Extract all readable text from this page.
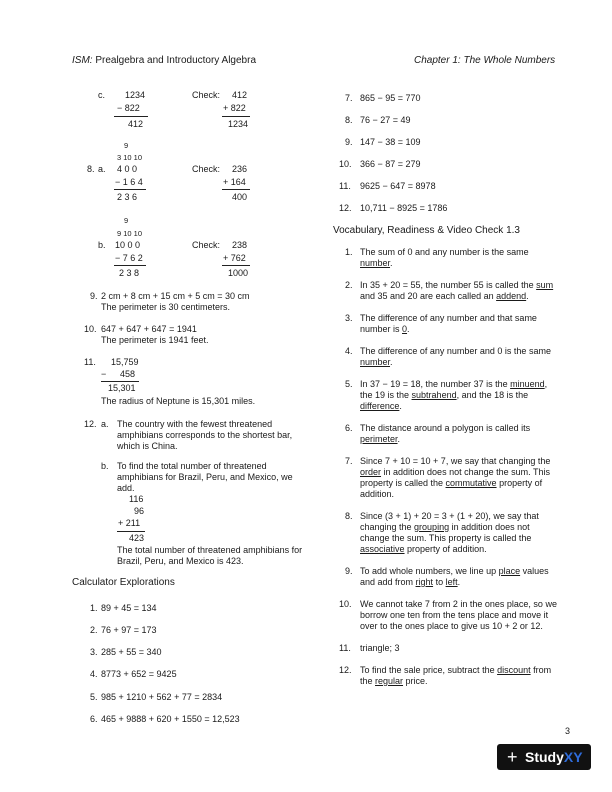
ISM: Prealgebra and Introductory Algebra	Chapter 1: The Whole Numbers
c. 1234
− 822
412
Check: 412
+ 822
1234
9
3 10 10
8. a. 4 0 0
− 1 6 4
2 3 6
Check: 236
+ 164
400
9
9 10 10
b. 10 0 0
− 7 6 2
2 3 8
Check: 238
+ 762
1000
9. 2 cm + 8 cm + 15 cm + 5 cm = 30 cm
The perimeter is 30 centimeters.
10. 647 + 647 + 647 = 1941
The perimeter is 1941 feet.
11. 15,759
− 458
15,301
The radius of Neptune is 15,301 miles.
12. a. The country with the fewest threatened amphibians corresponds to the shortest bar, which is China.
b. To find the total number of threatened amphibians for Brazil, Peru, and Mexico, we add.
116
96
+ 211
423
The total number of threatened amphibians for Brazil, Peru, and Mexico is 423.
Calculator Explorations
1. 89 + 45 = 134
2. 76 + 97 = 173
3. 285 + 55 = 340
4. 8773 + 652 = 9425
5. 985 + 1210 + 562 + 77 = 2834
6. 465 + 9888 + 620 + 1550 = 12,523
7. 865 − 95 = 770
8. 76 − 27 = 49
9. 147 − 38 = 109
10. 366 − 87 = 279
11. 9625 − 647 = 8978
12. 10,711 − 8925 = 1786
Vocabulary, Readiness & Video Check 1.3
1. The sum of 0 and any number is the same
number.
2. In 35 + 20 = 55, the number 55 is called the sum
and 35 and 20 are each called an addend.
3. The difference of any number and that same
number is 0.
4. The difference of any number and 0 is the same
number.
5. In 37 − 19 = 18, the number 37 is the minuend,
the 19 is the subtrahend, and the 18 is the
difference.
6. The distance around a polygon is called its
perimeter.
7. Since 7 + 10 = 10 + 7, we say that changing the
order in addition does not change the sum. This
property is called the commutative property of
addition.
8. Since (3 + 1) + 20 = 3 + (1 + 20), we say that
changing the grouping in addition does not
change the sum. This property is called the
associative property of addition.
9. To add whole numbers, we line up place values
and add from right to left.
10. We cannot take 7 from 2 in the ones place, so we
borrow one ten from the tens place and move it
over to the ones place to give us 10 + 2 or 12.
11. triangle; 3
12. To find the sale price, subtract the discount from
the regular price.
3
+ StudyXY
